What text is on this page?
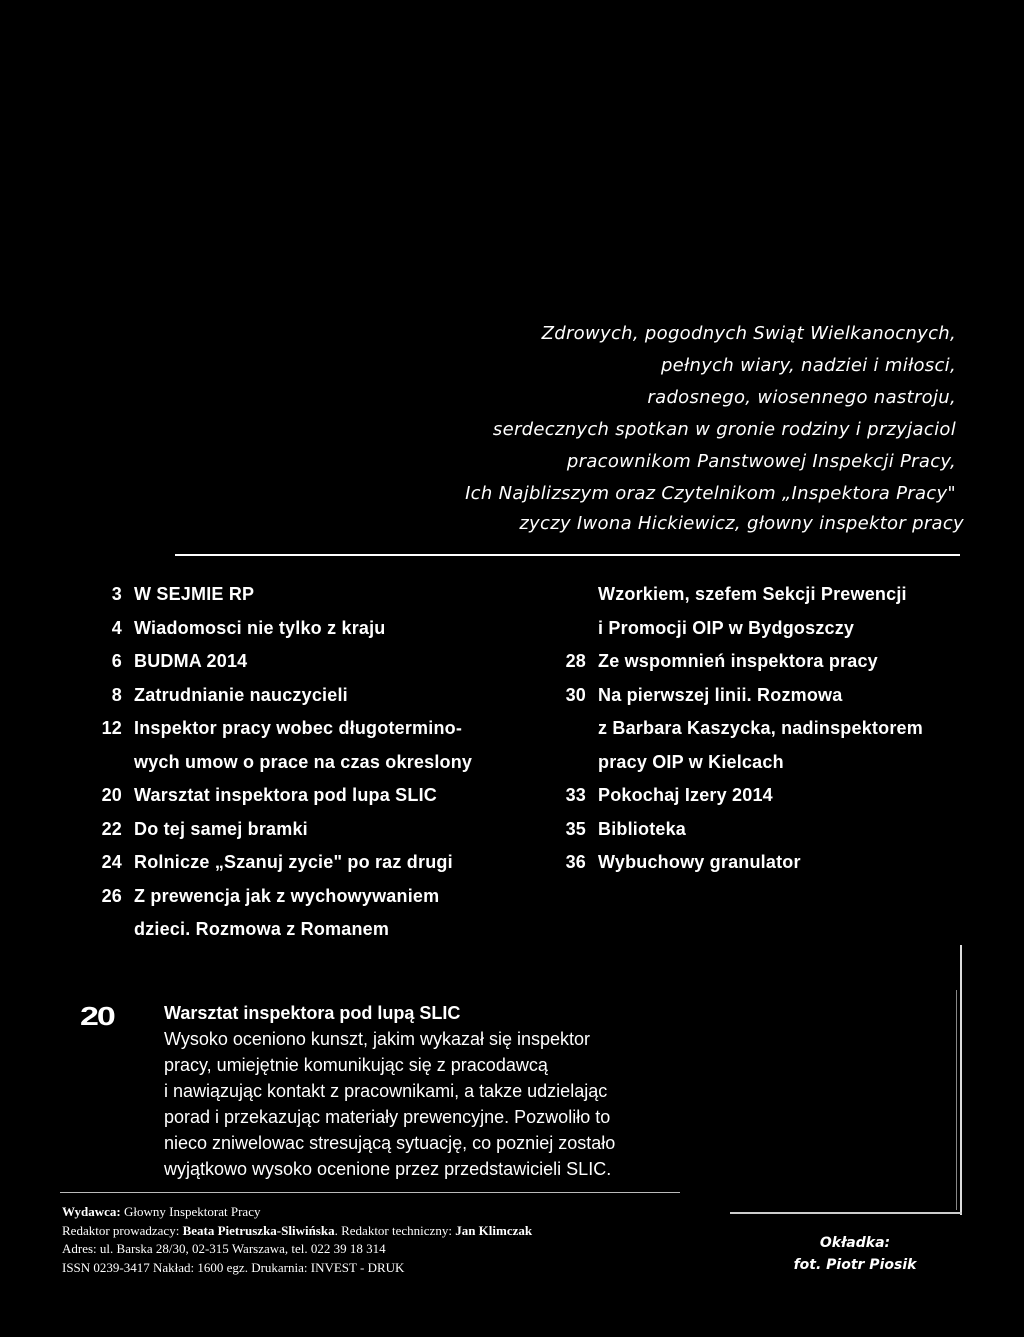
Zdrowych, pogodnych Swiąt Wielkanocnych,
pełnych wiary, nadziei i miłosci,
radosnego, wiosennego nastroju,
serdecznych spotkan w gronie rodziny i przyjaciol
pracownikom Panstwowej Inspekcji Pracy,
Ich Najblizszym oraz Czytelnikom „Inspektora Pracy"
zyczy Iwona Hickiewicz, głowny inspektor pracy
3 W SEJMIE RP
4 Wiadomosci nie tylko z kraju
6 BUDMA 2014
8 Zatrudnianie nauczycieli
12 Inspektor pracy wobec długotermino-
wych umow o prace na czas okreslony
20 Warsztat inspektora pod lupa SLIC
22 Do tej samej bramki
24 Rolnicze „Szanuj zycie" po raz drugi
26 Z prewencja jak z wychowywaniem
dzieci. Rozmowa z Romanem
Wzorkiem, szefem Sekcji Prewencji
i Promocji OIP w Bydgoszczy
28 Ze wspomnień inspektora pracy
30 Na pierwszej linii. Rozmowa
z Barbara Kaszycka, nadinspektorem
pracy OIP w Kielcach
33 Pokochaj Izery 2014
35 Biblioteka
36 Wybuchowy granulator
20	Warsztat inspektora pod lupą SLIC
Wysoko oceniono kunszt, jakim wykazał się inspektor
pracy, umiejętnie komunikując się z pracodawcą
i nawiązując kontakt z pracownikami, a takze udzielając
porad i przekazując materiały prewencyjne. Pozwoliło to
nieco zniwelowac stresującą sytuację, co pozniej zostało
wyjątkowo wysoko ocenione przez przedstawicieli SLIC.
Wydawca: Głowny Inspektorat Pracy
Redaktor prowadzacy: Beata Pietruszka-Sliwińska. Redaktor techniczny: Jan Klimczak
Adres: ul. Barska 28/30, 02-315 Warszawa, tel. 022 39 18 314
ISSN 0239-3417 Nakład: 1600 egz. Drukarnia: INVEST - DRUK
Okładka:
fot. Piotr Piosik
